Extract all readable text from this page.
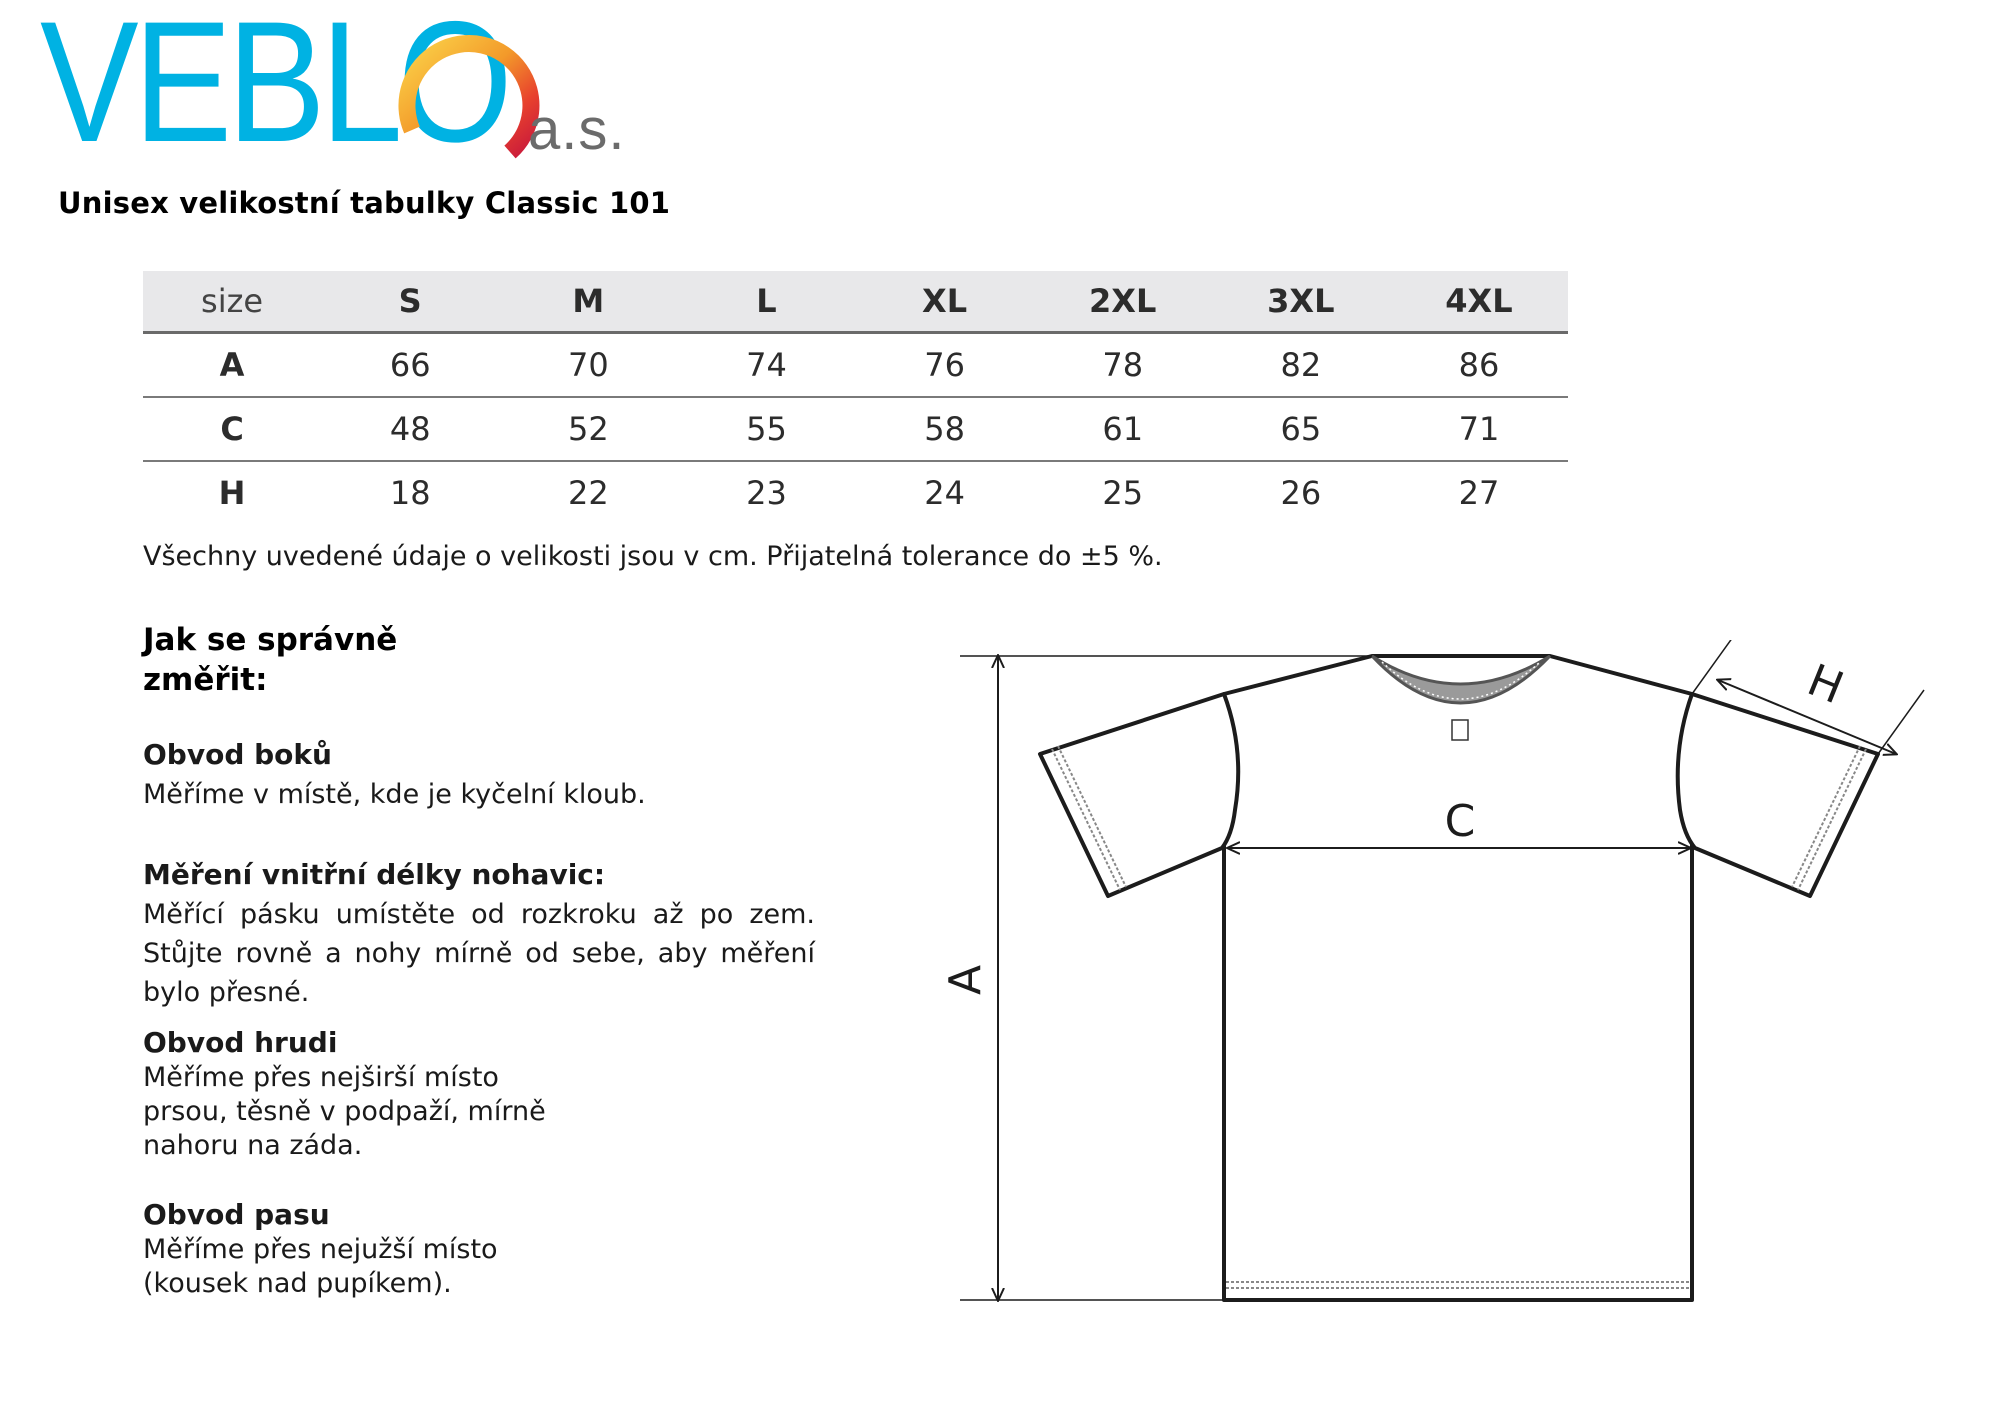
VEBLO a.s.
Unisex velikostní tabulky Classic 101
size	S	M	L	XL	2XL	3XL	4XL
A	66	70	74	76	78	82	86
C	48	52	55	58	61	65	71
H	18	22	23	24	25	26	27
Všechny uvedené údaje o velikosti jsou v cm. Přijatelná tolerance do ±5 %.
Jak se správně
změřit:
Obvod boků
Měříme v místě, kde je kyčelní kloub.
Měření vnitřní délky nohavic:
Měřící pásku umístěte od rozkroku až po zem. Stůjte rovně a nohy mírně od sebe, aby měření bylo přesné.
Obvod hrudi
Měříme přes nejširší místo
prsou, těsně v podpaží, mírně
nahoru na záda.
Obvod pasu
Měříme přes nejužší místo
(kousek nad pupíkem).
A
C
H
